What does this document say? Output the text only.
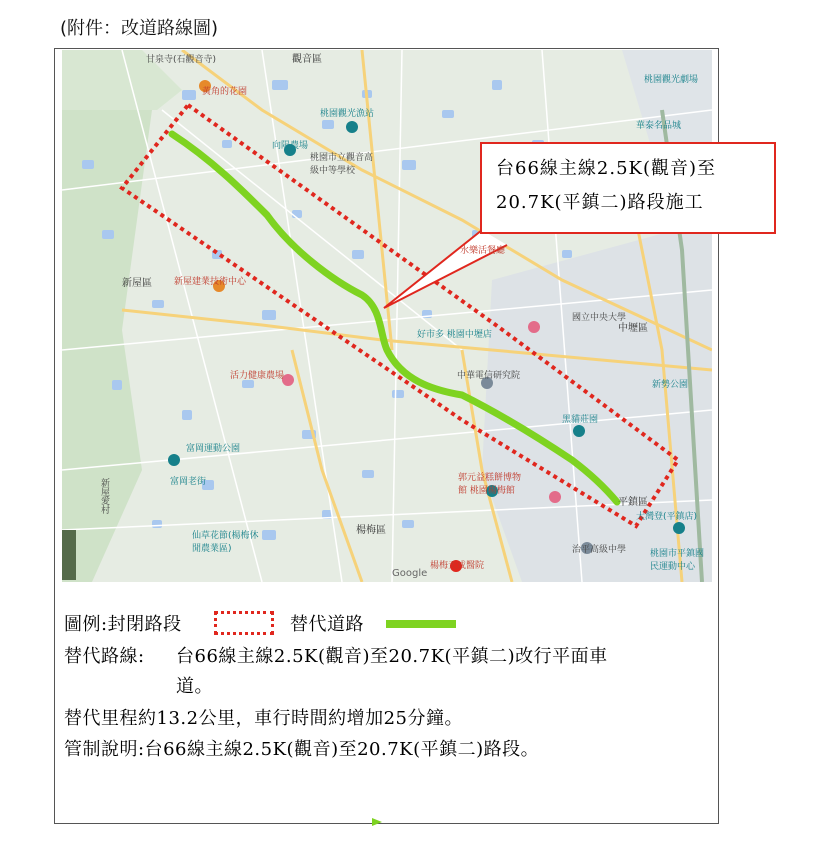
(附件：改道路線圖)
觀音區
新屋區
楊梅區
中壢區
平鎮區
桃園市立觀音高級中等學校
桃園觀光漁站
向陽農場
新屋建業技術中心
活力健康農場	中華電信研究院
國立中央大學
好市多 桃園中壢店
富岡運動公園
郭元益糕餅博物館 桃園楊梅館
仙草花節(楊梅休閒農業區)
楊梅天成醫院
治平高級中學	桃園市平鎮國民運動中心
大灣登(平鎮店)
新勢公園
黑貓莊園
水樂活餐廳
富岡老街
新屋愛村
華泰名品城
桃園觀光劇場
甘泉寺(石觀音寺)
黃角的花園
Google
台66線主線2.5K(觀音)至
20.7K(平鎮二)路段施工
圖例:封閉路段	替代道路
替代路線: 台66線主線2.5K(觀音)至20.7K(平鎮二)改行平面車
道。
替代里程約13.2公里，車行時間約增加25分鐘。
管制說明:台66線主線2.5K(觀音)至20.7K(平鎮二)路段。
